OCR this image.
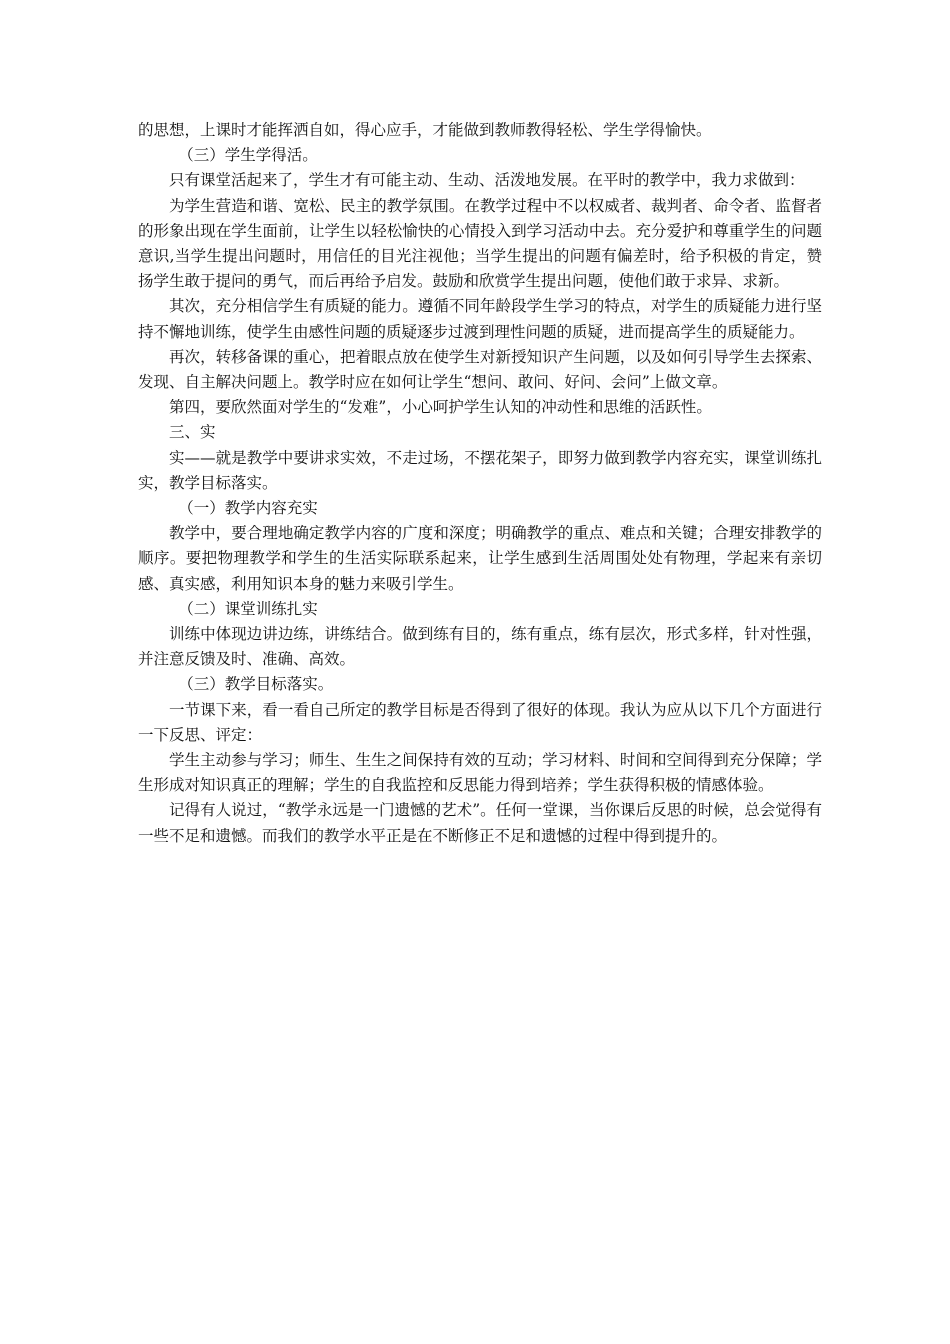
的思想，上课时才能挥洒自如，得心应手，才能做到教师教得轻松、学生学得愉快。

（三）学生学得活。

只有课堂活起来了，学生才有可能主动、生动、活泼地发展。在平时的教学中，我力求做到：

为学生营造和谐、宽松、民主的教学氛围。在教学过程中不以权威者、裁判者、命令者、监督者的形象出现在学生面前，让学生以轻松愉快的心情投入到学习活动中去。充分爱护和尊重学生的问题意识,当学生提出问题时，用信任的目光注视他；当学生提出的问题有偏差时，给予积极的肯定，赞扬学生敢于提问的勇气，而后再给予启发。鼓励和欣赏学生提出问题，使他们敢于求异、求新。

其次，充分相信学生有质疑的能力。遵循不同年龄段学生学习的特点，对学生的质疑能力进行坚持不懈地训练，使学生由感性问题的质疑逐步过渡到理性问题的质疑，进而提高学生的质疑能力。

再次，转移备课的重心，把着眼点放在使学生对新授知识产生问题，以及如何引导学生去探索、发现、自主解决问题上。教学时应在如何让学生“想问、敢问、好问、会问”上做文章。

第四，要欣然面对学生的“发难”，小心呵护学生认知的冲动性和思维的活跃性。

三、实

实——就是教学中要讲求实效，不走过场，不摆花架子，即努力做到教学内容充实，课堂训练扎实，教学目标落实。

（一）教学内容充实

教学中，要合理地确定教学内容的广度和深度；明确教学的重点、难点和关键；合理安排教学的顺序。要把物理教学和学生的生活实际联系起来，让学生感到生活周围处处有物理，学起来有亲切感、真实感，利用知识本身的魅力来吸引学生。

（二）课堂训练扎实

训练中体现边讲边练，讲练结合。做到练有目的，练有重点，练有层次，形式多样，针对性强，并注意反馈及时、准确、高效。

（三）教学目标落实。

一节课下来，看一看自己所定的教学目标是否得到了很好的体现。我认为应从以下几个方面进行一下反思、评定：

学生主动参与学习；师生、生生之间保持有效的互动；学习材料、时间和空间得到充分保障；学生形成对知识真正的理解；学生的自我监控和反思能力得到培养；学生获得积极的情感体验。

记得有人说过，“教学永远是一门遗憾的艺术”。任何一堂课，当你课后反思的时候，总会觉得有一些不足和遗憾。而我们的教学水平正是在不断修正不足和遗憾的过程中得到提升的。
